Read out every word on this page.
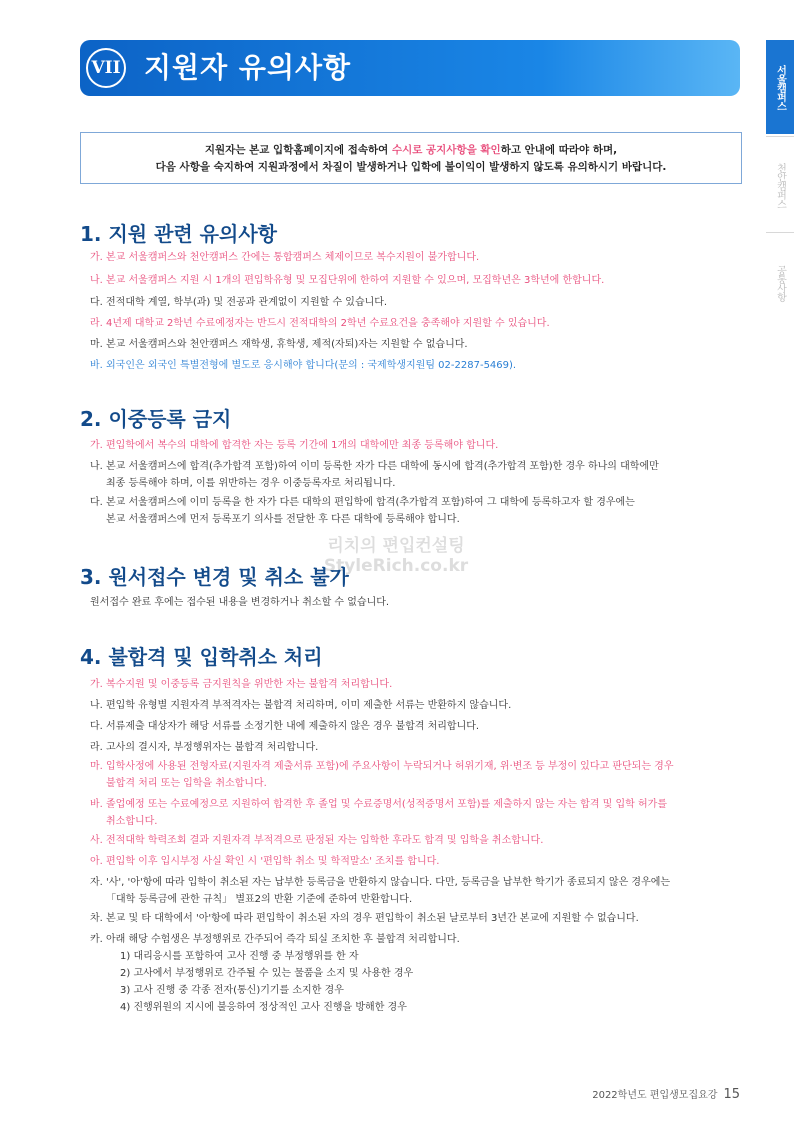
VII 지원자 유의사항	서울캠퍼스
천안캠퍼스
공통사항
지원자는 본교 입학홈페이지에 접속하여 수시로 공지사항을 확인하고 안내에 따라야 하며,
다음 사항을 숙지하여 지원과정에서 차질이 발생하거나 입학에 불이익이 발생하지 않도록 유의하시기 바랍니다.
1. 지원 관련 유의사항
가. 본교 서울캠퍼스와 천안캠퍼스 간에는 통합캠퍼스 체제이므로 복수지원이 불가합니다.
나. 본교 서울캠퍼스 지원 시 1개의 편입학유형 및 모집단위에 한하여 지원할 수 있으며, 모집학년은 3학년에 한합니다.
다. 전적대학 계열, 학부(과) 및 전공과 관계없이 지원할 수 있습니다.
라. 4년제 대학교 2학년 수료예정자는 반드시 전적대학의 2학년 수료요건을 충족해야 지원할 수 있습니다.
마. 본교 서울캠퍼스와 천안캠퍼스 재학생, 휴학생, 제적(자퇴)자는 지원할 수 없습니다.
바. 외국인은 외국인 특별전형에 별도로 응시해야 합니다(문의 : 국제학생지원팀 02-2287-5469).
2. 이중등록 금지
가. 편입학에서 복수의 대학에 합격한 자는 등록 기간에 1개의 대학에만 최종 등록해야 합니다.
나. 본교 서울캠퍼스에 합격(추가합격 포함)하여 이미 등록한 자가 다른 대학에 동시에 합격(추가합격 포함)한 경우 하나의 대학에만
최종 등록해야 하며, 이를 위반하는 경우 이중등록자로 처리됩니다.
다. 본교 서울캠퍼스에 이미 등록을 한 자가 다른 대학의 편입학에 합격(추가합격 포함)하여 그 대학에 등록하고자 할 경우에는
본교 서울캠퍼스에 먼저 등록포기 의사를 전달한 후 다른 대학에 등록해야 합니다.
리치의 편입컨설팅
StyleRich.co.kr
3. 원서접수 변경 및 취소 불가
원서접수 완료 후에는 접수된 내용을 변경하거나 취소할 수 없습니다.
4. 불합격 및 입학취소 처리
가. 복수지원 및 이중등록 금지원칙을 위반한 자는 불합격 처리합니다.
나. 편입학 유형별 지원자격 부적격자는 불합격 처리하며, 이미 제출한 서류는 반환하지 않습니다.
다. 서류제출 대상자가 해당 서류를 소정기한 내에 제출하지 않은 경우 불합격 처리합니다.
라. 고사의 결시자, 부정행위자는 불합격 처리합니다.
마. 입학사정에 사용된 전형자료(지원자격 제출서류 포함)에 주요사항이 누락되거나 허위기재, 위·변조 등 부정이 있다고 판단되는 경우
불합격 처리 또는 입학을 취소합니다.
바. 졸업예정 또는 수료예정으로 지원하여 합격한 후 졸업 및 수료증명서(성적증명서 포함)를 제출하지 않는 자는 합격 및 입학 허가를
취소합니다.
사. 전적대학 학력조회 결과 지원자격 부적격으로 판정된 자는 입학한 후라도 합격 및 입학을 취소합니다.
아. 편입학 이후 입시부정 사실 확인 시 '편입학 취소 및 학적말소' 조치를 합니다.
자. '사', '아'항에 따라 입학이 취소된 자는 납부한 등록금을 반환하지 않습니다. 다만, 등록금을 납부한 학기가 종료되지 않은 경우에는
「대학 등록금에 관한 규칙」 별표2의 반환 기준에 준하여 반환합니다.
차. 본교 및 타 대학에서 '아'항에 따라 편입학이 취소된 자의 경우 편입학이 취소된 날로부터 3년간 본교에 지원할 수 없습니다.
카. 아래 해당 수험생은 부정행위로 간주되어 즉각 퇴실 조치한 후 불합격 처리합니다.
1) 대리응시를 포함하여 고사 진행 중 부정행위를 한 자
2) 고사에서 부정행위로 간주될 수 있는 물품을 소지 및 사용한 경우
3) 고사 진행 중 각종 전자(통신)기기를 소지한 경우
4) 진행위원의 지시에 불응하여 정상적인 고사 진행을 방해한 경우
2022학년도 편입생모집요강 15
